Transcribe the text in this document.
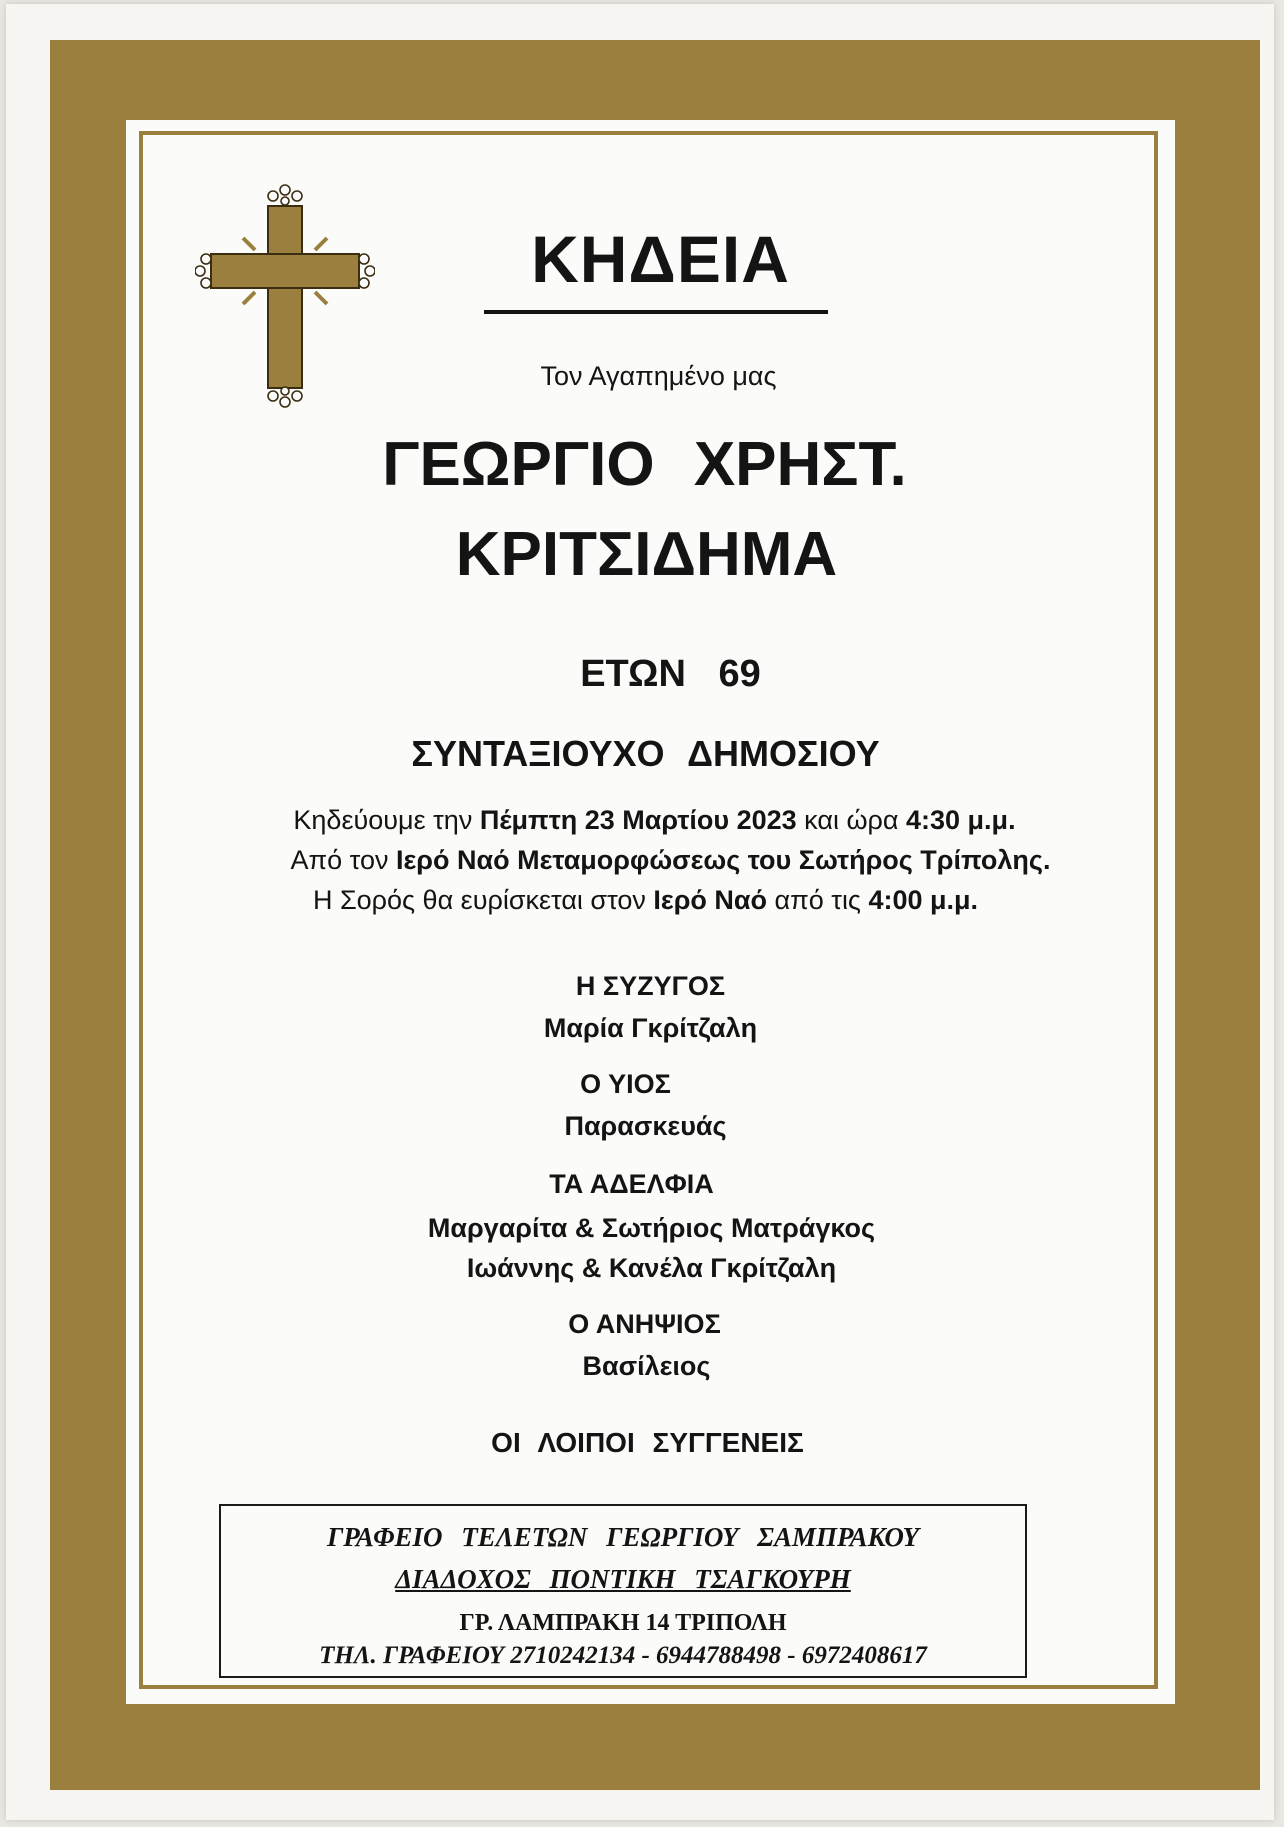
ΚΗΔΕΙΑ
Τον Αγαπημένο μας
ΓΕΩΡΓΙΟ ΧΡΗΣΤ.
ΚΡΙΤΣΙΔΗΜΑ
ΕΤΩΝ 69
ΣΥΝΤΑΞΙΟΥΧΟ ΔΗΜΟΣΙΟΥ
Κηδεύουμε την Πέμπτη 23 Μαρτίου 2023 και ώρα 4:30 μ.μ.
Από τον Ιερό Ναό Μεταμορφώσεως του Σωτήρος Τρίπολης.
Η Σορός θα ευρίσκεται στον Ιερό Ναό από τις 4:00 μ.μ.
Η ΣΥΖΥΓΟΣ
Μαρία Γκρίτζαλη
Ο ΥΙΟΣ
Παρασκευάς
ΤΑ ΑΔΕΛΦΙΑ
Μαργαρίτα & Σωτήριος Ματράγκος
Ιωάννης & Κανέλα Γκρίτζαλη
Ο ΑΝΗΨΙΟΣ
Βασίλειος
ΟΙ ΛΟΙΠΟΙ ΣΥΓΓΕΝΕΙΣ
ΓΡΑΦΕΙΟ ΤΕΛΕΤΩΝ ΓΕΩΡΓΙΟΥ ΣΑΜΠΡΑΚΟΥ
ΔΙΑΔΟΧΟΣ ΠΟΝΤΙΚΗ ΤΣΑΓΚΟΥΡΗ
ΓΡ. ΛΑΜΠΡΑΚΗ 14 ΤΡΙΠΟΛΗ
ΤΗΛ. ΓΡΑΦΕΙΟΥ 2710242134 - 6944788498 - 6972408617
